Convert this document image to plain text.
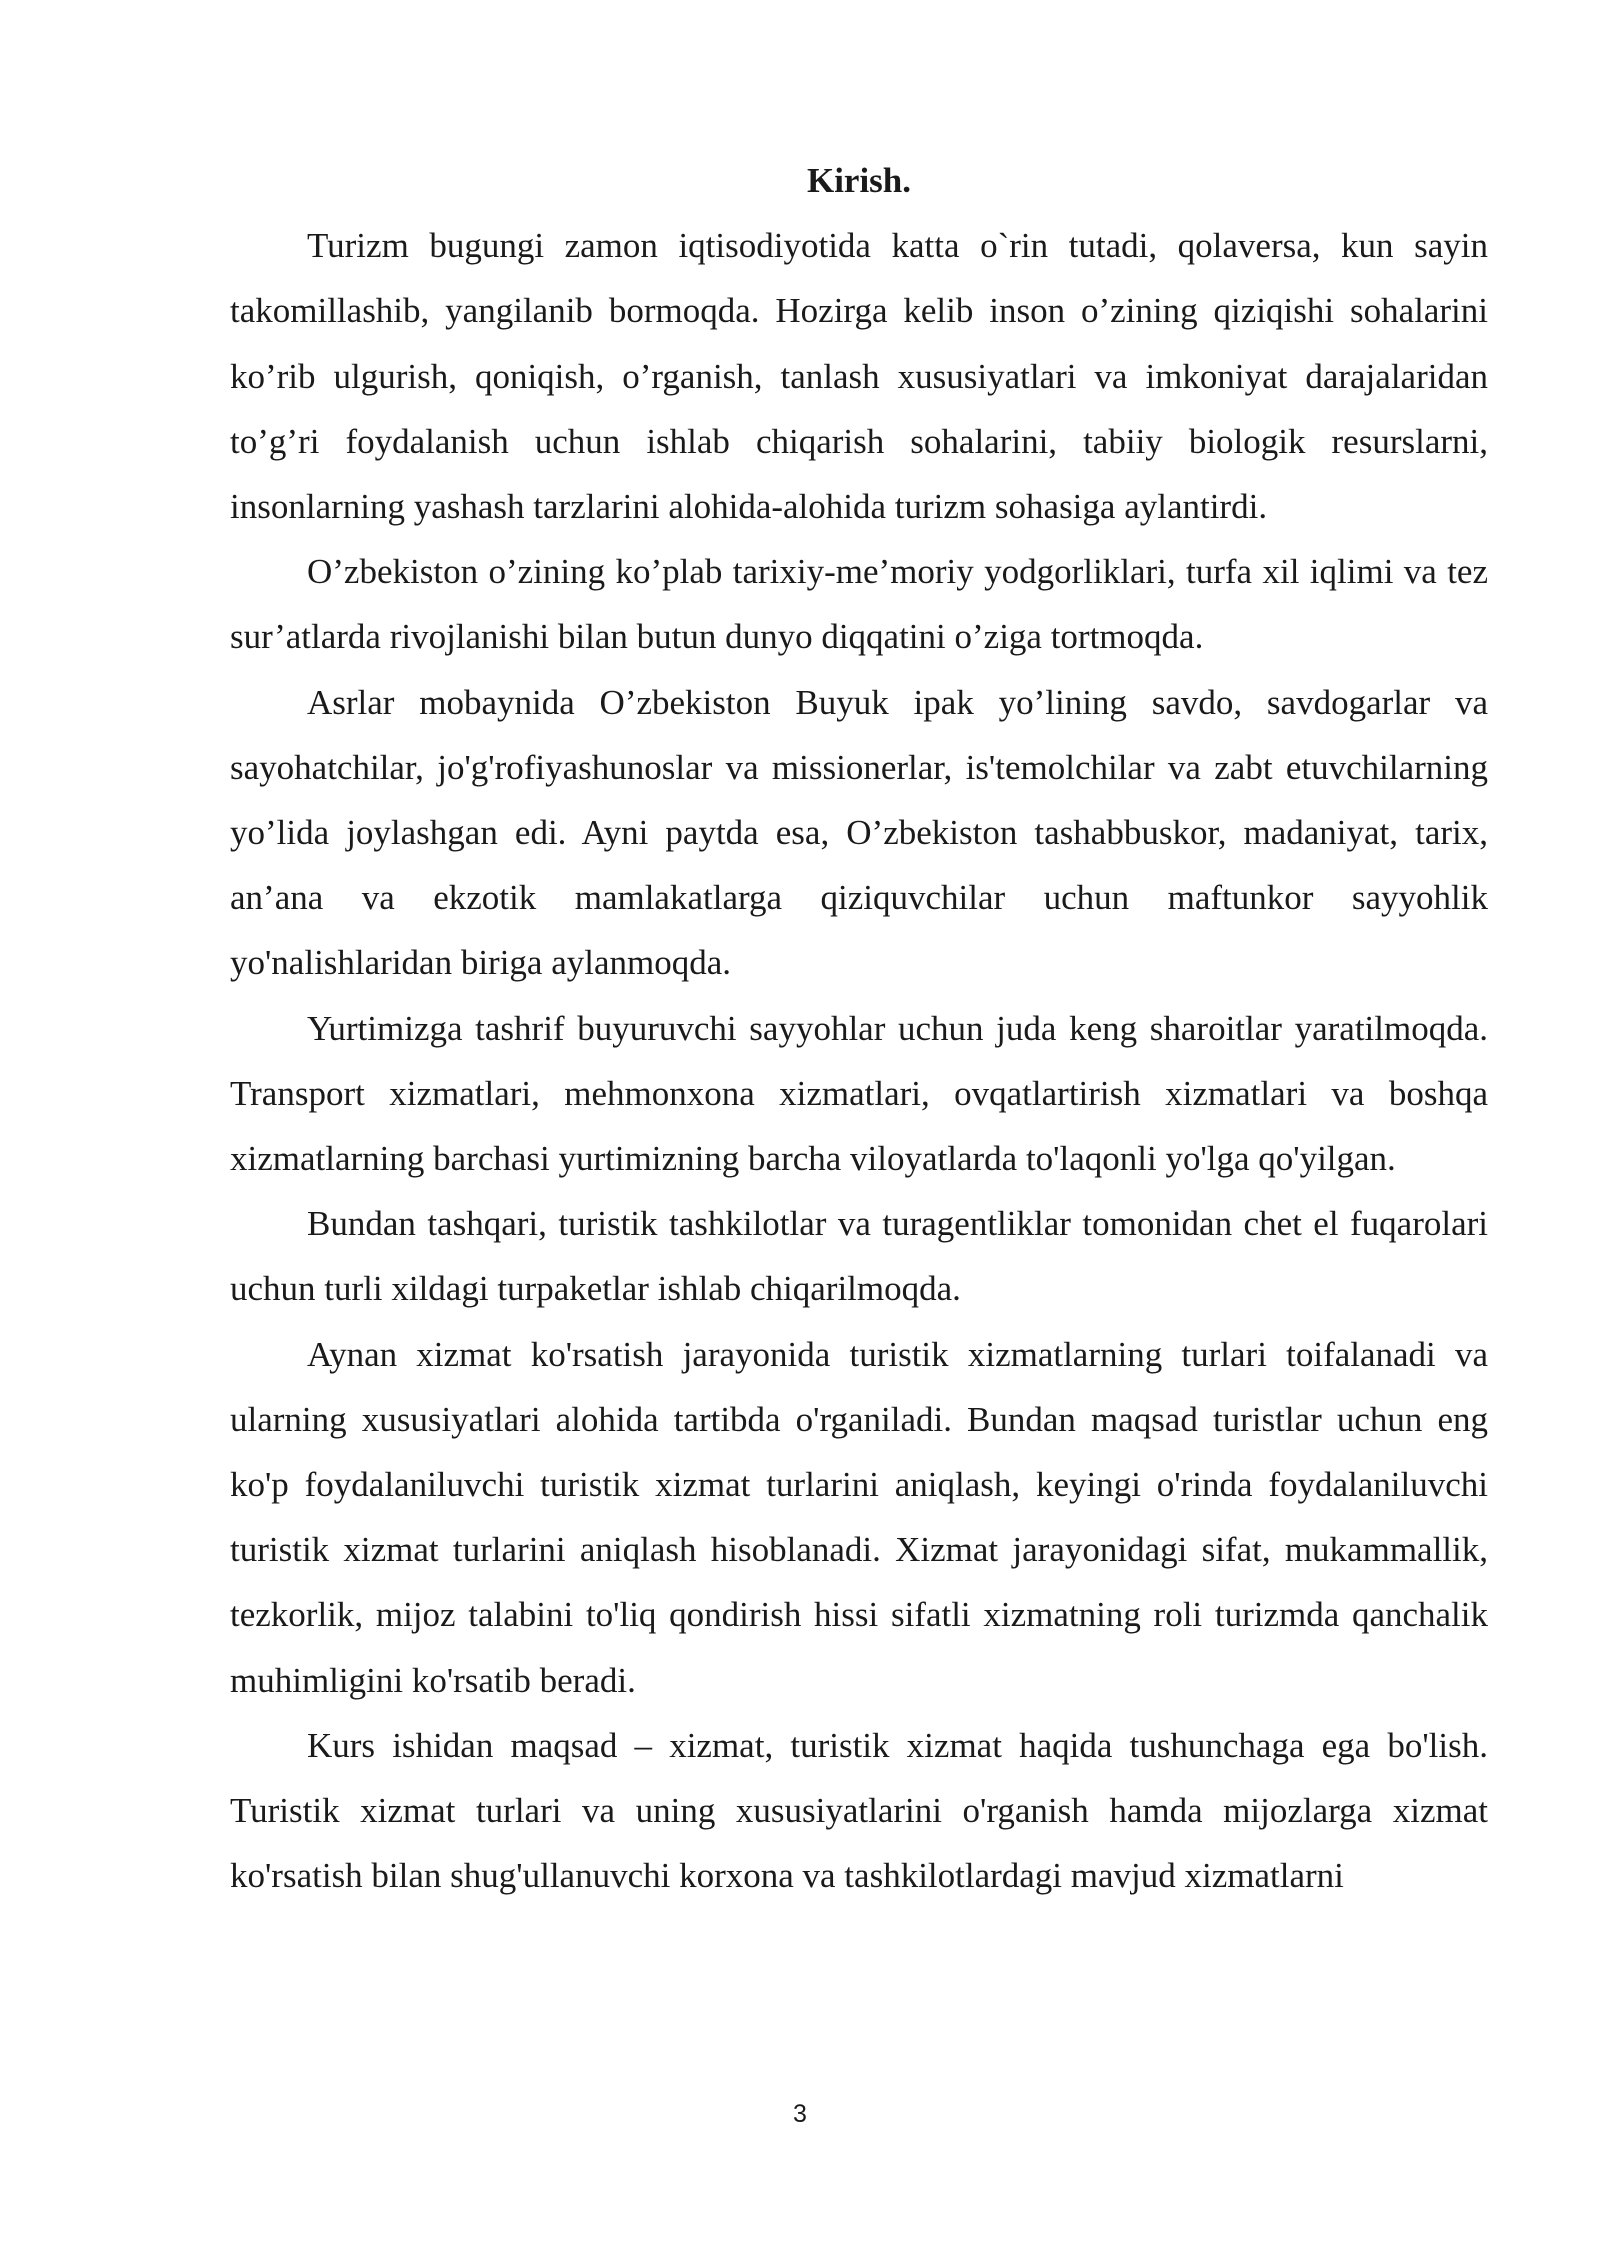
Kirish.

Turizm bugungi zamon iqtisodiyotida katta o`rin tutadi, qolaversa, kun sayin takomillashib, yangilanib bormoqda. Hozirga kelib inson o’zining qiziqishi sohalarini ko’rib ulgurish, qoniqish, o’rganish, tanlash xususiyatlari va imkoniyat darajalaridan to’g’ri foydalanish uchun ishlab chiqarish sohalarini, tabiiy biologik resurslarni, insonlarning yashash tarzlarini alohida-alohida turizm sohasiga aylantirdi.

O’zbekiston o’zining ko’plab tarixiy-me’moriy yodgorliklari, turfa xil iqlimi va tez sur’atlarda rivojlanishi bilan butun dunyo diqqatini o’ziga tortmoqda.

Asrlar mobaynida O’zbekiston Buyuk ipak yo’lining savdo, savdogarlar va sayohatchilar, jo'g'rofiyashunoslar va missionerlar, is'temolchilar va zabt etuvchilarning yo’lida joylashgan edi. Ayni paytda esa, O’zbekiston tashabbuskor, madaniyat, tarix, an’ana va ekzotik mamlakatlarga qiziquvchilar uchun maftunkor sayyohlik yo'nalishlaridan biriga aylanmoqda.

Yurtimizga tashrif buyuruvchi sayyohlar uchun juda keng sharoitlar yaratilmoqda. Transport xizmatlari, mehmonxona xizmatlari, ovqatlartirish xizmatlari va boshqa xizmatlarning barchasi yurtimizning barcha viloyatlarda to'laqonli yo'lga qo'yilgan.

Bundan tashqari, turistik tashkilotlar va turagentliklar tomonidan chet el fuqarolari uchun turli xildagi turpaketlar ishlab chiqarilmoqda.

Aynan xizmat ko'rsatish jarayonida turistik xizmatlarning turlari toifalanadi va ularning xususiyatlari alohida tartibda o'rganiladi. Bundan maqsad turistlar uchun eng ko'p foydalaniluvchi turistik xizmat turlarini aniqlash, keyingi o'rinda foydalaniluvchi turistik xizmat turlarini aniqlash hisoblanadi. Xizmat jarayonidagi sifat, mukammallik, tezkorlik, mijoz talabini to'liq qondirish hissi sifatli xizmatning roli turizmda qanchalik muhimligini ko'rsatib beradi.

Kurs ishidan maqsad – xizmat, turistik xizmat haqida tushunchaga ega bo'lish. Turistik xizmat turlari va uning xususiyatlarini o'rganish hamda mijozlarga xizmat ko'rsatish bilan shug'ullanuvchi korxona va tashkilotlardagi mavjud xizmatlarni

3
